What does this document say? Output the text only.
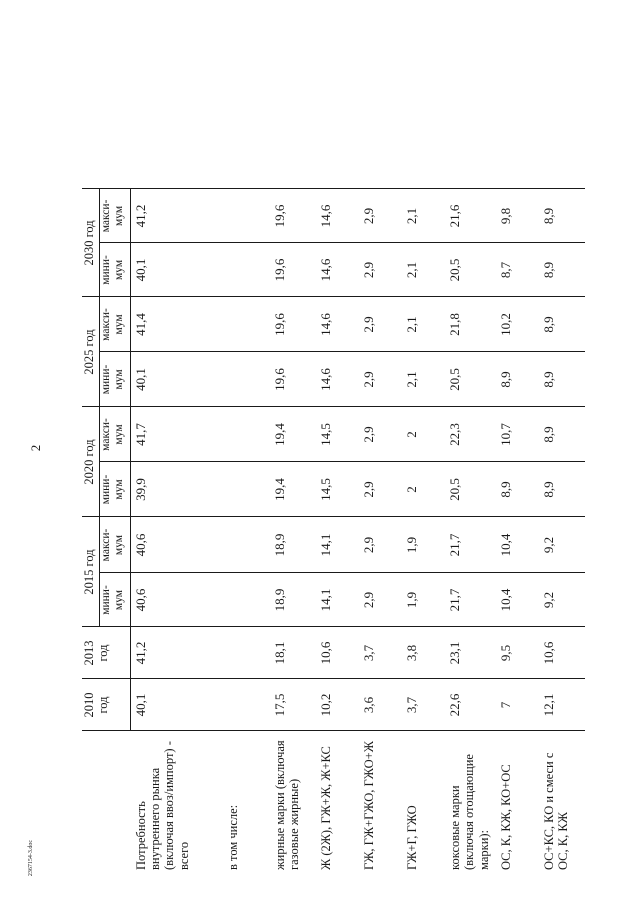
2
2367154-3.doc
	2010 год	2013 год	2015 год		2020 год		2025 год		2030 год		
			мини-мум	макси-мум	мини-мум	макси-мум	мини-мум	макси-мум	мини-мум	макси-мум	
Потребность внутреннего рынка (включая ввоз/импорт) - всего	40,1	41,2	40,6	40,6	39,9	41,7	40,1	41,4	40,1	41,2	
в том числе:											
жирные марки (включая газовые жирные)	17,5	18,1	18,9	18,9	19,4	19,4	19,6	19,6	19,6	19,6	
Ж (2Ж), ГЖ+Ж, Ж+КС	10,2	10,6	14,1	14,1	14,5	14,5	14,6	14,6	14,6	14,6	
ГЖ, ГЖ+ГЖО, ГЖО+Ж	3,6	3,7	2,9	2,9	2,9	2,9	2,9	2,9	2,9	2,9	
ГЖ+Г, ГЖО	3,7	3,8	1,9	1,9	2	2	2,1	2,1	2,1	2,1	
коксовые марки (включая отощающие марки):	22,6	23,1	21,7	21,7	20,5	22,3	20,5	21,8	20,5	21,6	
ОС, К, КЖ, КО+ОС	7	9,5	10,4	10,4	8,9	10,7	8,9	10,2	8,7	9,8	
ОС+КС, КО и смеси с ОС, К, КЖ	12,1	10,6	9,2	9,2	8,9	8,9	8,9	8,9	8,9	8,9	
